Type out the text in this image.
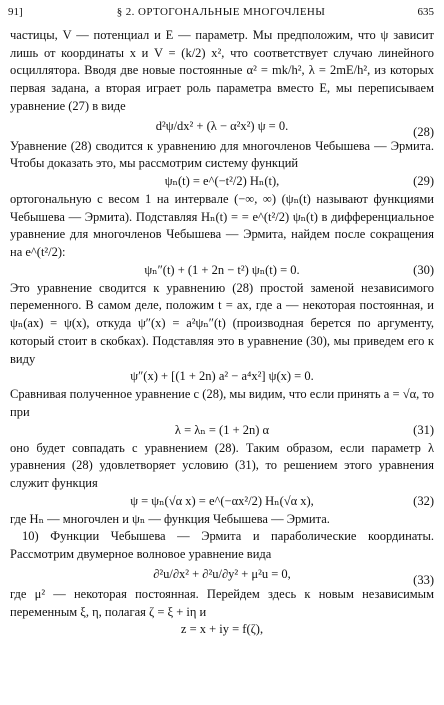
91]	§ 2. ОРТОГОНАЛЬНЫЕ МНОГОЧЛЕНЫ	635

частицы, V — потенциал и E — параметр. Мы предположим, что ψ зависит лишь от координаты x и V = (k/2) x², что соответствует случаю линейного осциллятора. Вводя две новые постоянные α² = mk/h², λ = 2mE/h², из которых первая задана, а вторая играет роль параметра вместо E, мы переписываем уравнение (27) в виде

d²ψ/dx² + (λ − α²x²) ψ = 0.	(28)

Уравнение (28) сводится к уравнению для многочленов Чебышева — Эрмита. Чтобы доказать это, мы рассмотрим систему функций

ψₙ(t) = e^(−t²/2) Hₙ(t),	(29)

ортогональную с весом 1 на интервале (−∞, ∞) (ψₙ(t) называют функциями Чебышева — Эрмита). Подставляя Hₙ(t) = = e^(t²/2) ψₙ(t) в дифференциальное уравнение для многочленов Чебышева — Эрмита, найдем после сокращения на e^(t²/2):

ψₙ″(t) + (1 + 2n − t²) ψₙ(t) = 0.	(30)

Это уравнение сводится к уравнению (28) простой заменой независимого переменного. В самом деле, положим t = ax, где a — некоторая постоянная, и ψₙ(ax) = ψ(x), откуда ψ″(x) = a²ψₙ″(t) (производная берется по аргументу, который стоит в скобках). Подставляя это в уравнение (30), мы приведем его к виду

ψ″(x) + [(1 + 2n) a² − a⁴x²] ψ(x) = 0.

Сравнивая полученное уравнение с (28), мы видим, что если принять a = √α, то при

λ = λₙ = (1 + 2n) α	(31)

оно будет совпадать с уравнением (28). Таким образом, если параметр λ уравнения (28) удовлетворяет условию (31), то решением этого уравнения служит функция

ψ = ψₙ(√α x) = e^(−αx²/2) Hₙ(√α x),	(32)

где Hₙ — многочлен и ψₙ — функция Чебышева — Эрмита.

10) Функции Чебышева — Эрмита и параболические координаты. Рассмотрим двумерное волновое уравнение вида

∂²u/∂x² + ∂²u/∂y² + μ²u = 0,	(33)

где μ² — некоторая постоянная. Перейдем здесь к новым независимым переменным ξ, η, полагая ζ = ξ + iη и

z = x + iy = f(ζ),
